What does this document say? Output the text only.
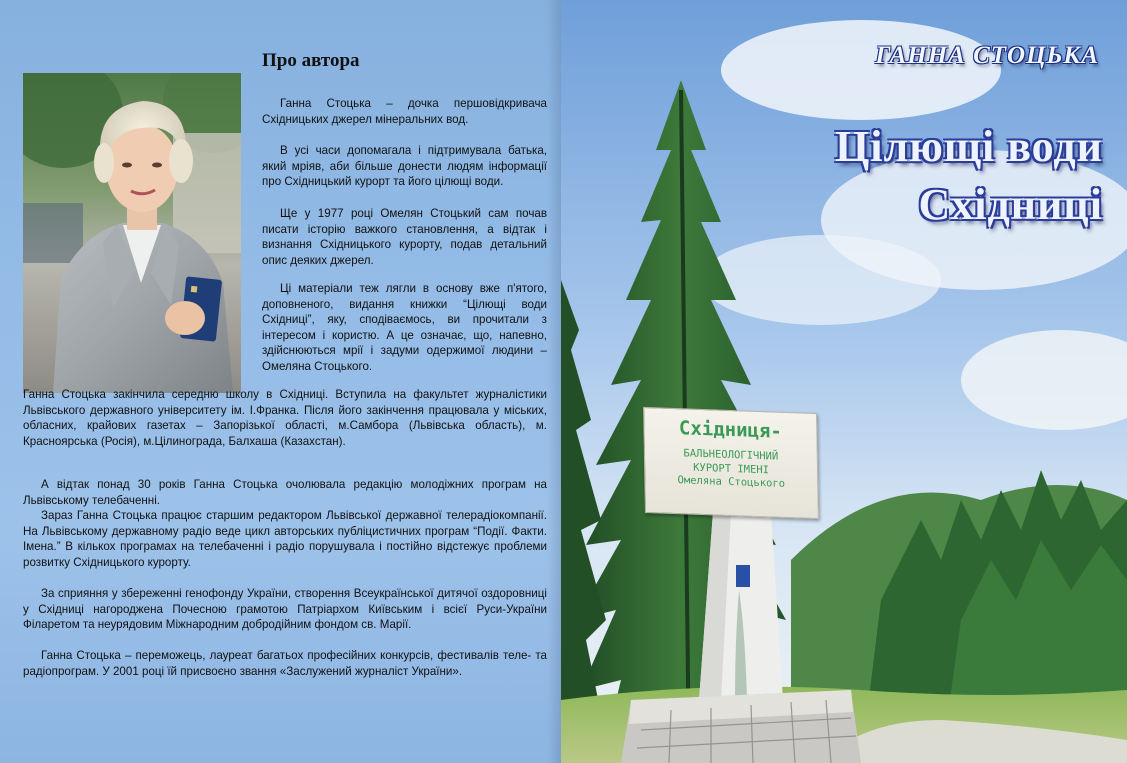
Про автора

Ганна Стоцька – дочка першовідкривача Східницьких джерел мінеральних вод.

В усі часи допомагала і підтримувала батька, який мріяв, аби більше донести людям інформації про Східницький курорт та його цілющі води.

Ще у 1977 році Омелян Стоцький сам почав писати історію важкого становлення, а відтак і визнання Східницького курорту, подав детальний опис деяких джерел.

Ці матеріали теж лягли в основу вже п'ятого, доповненого, видання книжки “Цілющі води Східниці”, яку, сподіваємось, ви прочитали з інтересом і користю. А це означає, що, напевно, здійснюються мрії і задуми одержимої людини – Омеляна Стоцького.

Ганна Стоцька закінчила середню школу в Східниці. Вступила на факультет журналістики Львівського державного університету ім. І.Франка. Після його закінчення працювала у міських, обласних, крайових газетах – Запорізької області, м.Самбора (Львівська область), м. Красноярська (Росія), м.Цілинограда, Балхаша (Казахстан).

А відтак понад 30 років Ганна Стоцька очолювала редакцію молодіжних програм на Львівському телебаченні.

Зараз Ганна Стоцька працює старшим редактором Львівської державної телерадіокомпанії. На Львівському державному радіо веде цикл авторських публіцистичних програм “Події. Факти. Імена.” В кількох програмах на телебаченні і радіо порушувала і постійно відстежує проблеми розвитку Східницького курорту.

За сприяння у збереженні генофонду України, створення Всеукраїнської дитячої оздоровниці у Східниці нагороджена Почесною грамотою Патріархом Київським і всієї Руси-України Філаретом та неурядовим Міжнародним добродійним фондом св. Марії.

Ганна Стоцька – переможець, лауреат багатьох професійних конкурсів, фестивалів теле- та радіопрограм. У 2001 році їй присвоєно звання «Заслужений журналіст України».

ГАННА СТОЦЬКА
Цілющі води
Східниці

Східниця-

БАЛЬНЕОЛОГІЧНИЙ
КУРОРТ ІМЕНІ
Омеляна Стоцького
